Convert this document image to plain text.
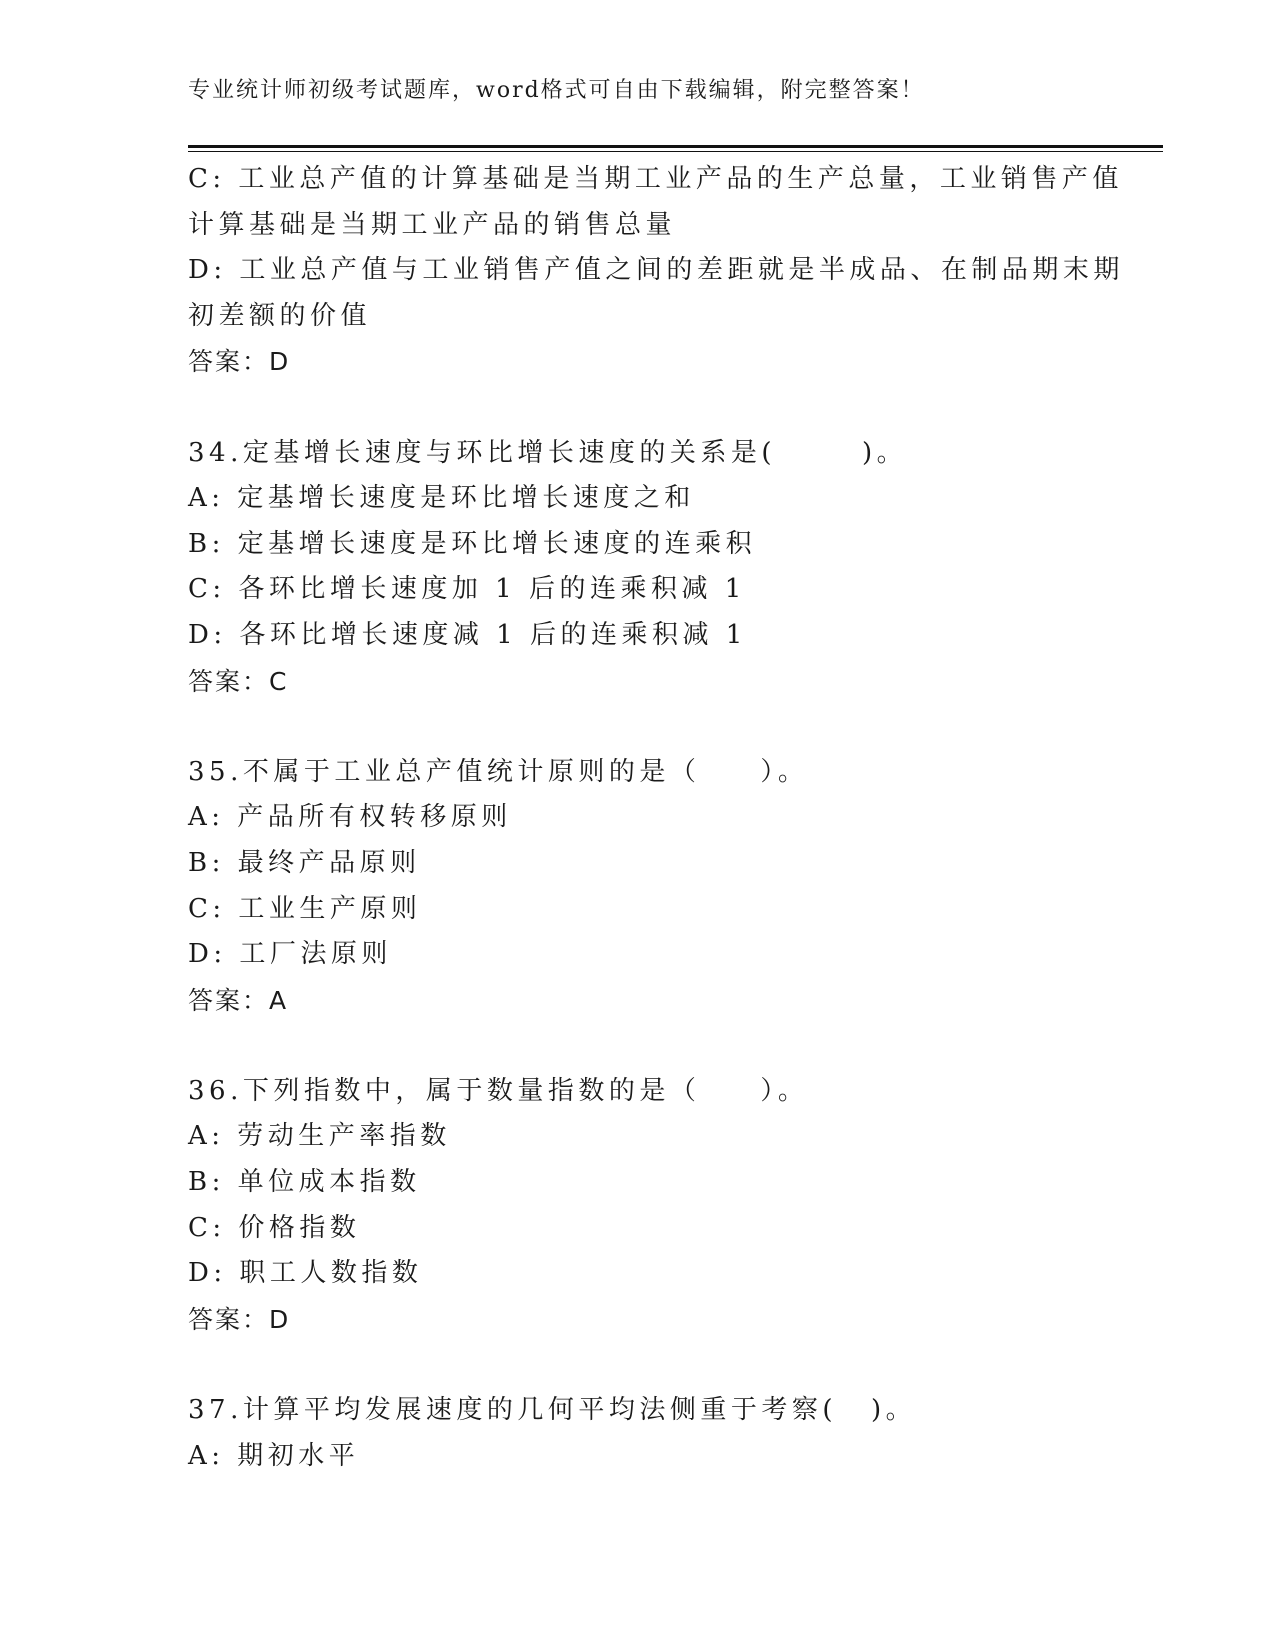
专业统计师初级考试题库，word格式可自由下载编辑，附完整答案！
C: 工业总产值的计算基础是当期工业产品的生产总量，工业销售产值
计算基础是当期工业产品的销售总量
D: 工业总产值与工业销售产值之间的差距就是半成品、在制品期末期
初差额的价值
答案：D
34.定基增长速度与环比增长速度的关系是(	)。
A: 定基增长速度是环比增长速度之和
B: 定基增长速度是环比增长速度的连乘积
C: 各环比增长速度加 1 后的连乘积减 1
D: 各环比增长速度减 1 后的连乘积减 1
答案：C
35.不属于工业总产值统计原则的是（ ）。
A: 产品所有权转移原则
B: 最终产品原则
C: 工业生产原则
D: 工厂法原则
答案：A
36.下列指数中，属于数量指数的是（ ）。
A: 劳动生产率指数
B: 单位成本指数
C: 价格指数
D: 职工人数指数
答案：D
37.计算平均发展速度的几何平均法侧重于考察( )。
A: 期初水平
